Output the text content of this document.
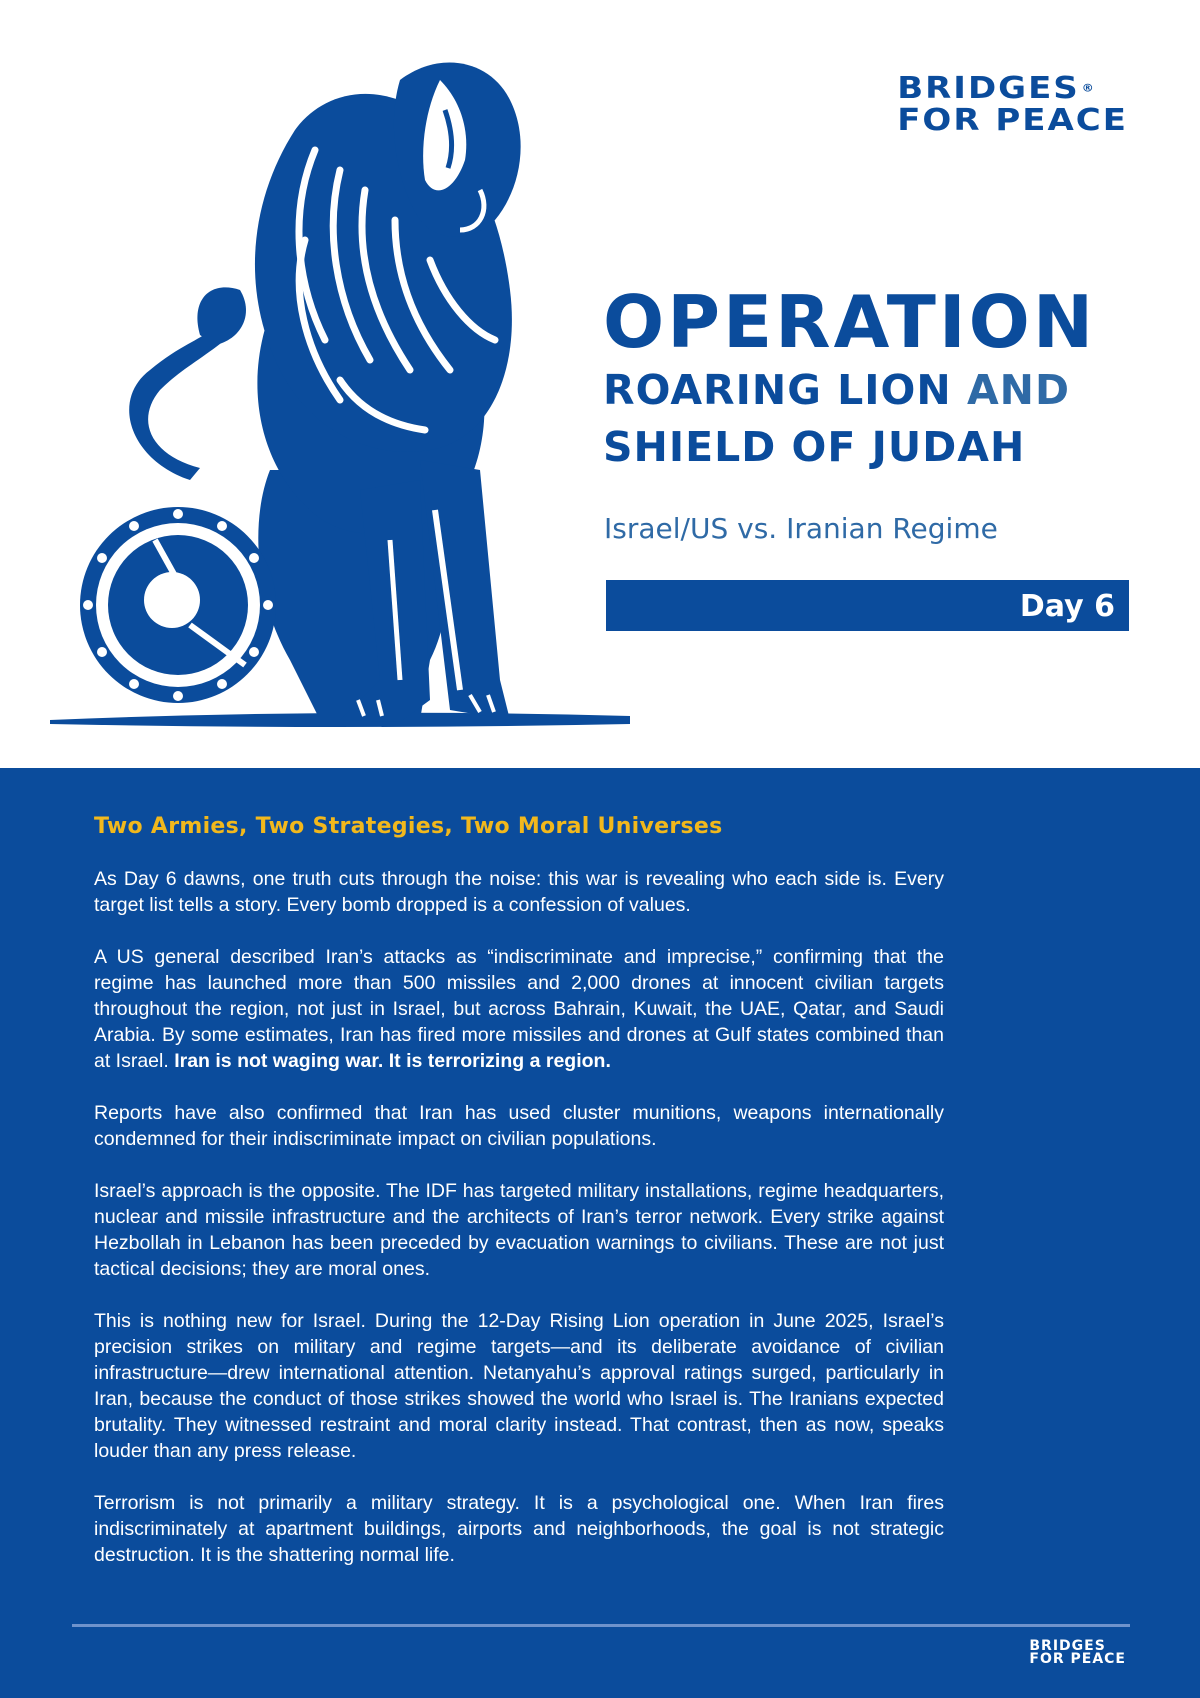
BRIDGES ®
FOR PEACE
OPERATION
ROARING LION AND
SHIELD OF JUDAH
Israel/US vs. Iranian Regime
Day 6
Two Armies, Two Strategies, Two Moral Universes

As Day 6 dawns, one truth cuts through the noise: this war is revealing who each side is. Every target list tells a story. Every bomb dropped is a confession of values.

A US general described Iran’s attacks as “indiscriminate and imprecise,” confirming that the regime has launched more than 500 missiles and 2,000 drones at innocent civilian targets throughout the region, not just in Israel, but across Bahrain, Kuwait, the UAE, Qatar, and Saudi Arabia. By some estimates, Iran has fired more missiles and drones at Gulf states combined than at Israel. Iran is not waging war. It is terrorizing a region.

Reports have also confirmed that Iran has used cluster munitions, weapons internationally condemned for their indiscriminate impact on civilian populations.

Israel’s approach is the opposite. The IDF has targeted military installations, regime headquarters, nuclear and missile infrastructure and the architects of Iran’s terror network. Every strike against Hezbollah in Lebanon has been preceded by evacuation warnings to civilians. These are not just tactical decisions; they are moral ones.

This is nothing new for Israel. During the 12-Day Rising Lion operation in June 2025, Israel’s precision strikes on military and regime targets—and its deliberate avoidance of civilian infrastructure—drew international attention. Netanyahu’s approval ratings surged, particularly in Iran, because the conduct of those strikes showed the world who Israel is. The Iranians expected brutality. They witnessed restraint and moral clarity instead. That contrast, then as now, speaks louder than any press release.

Terrorism is not primarily a military strategy. It is a psychological one. When Iran fires indiscriminately at apartment buildings, airports and neighborhoods, the goal is not strategic destruction. It is the shattering normal life.

BRIDGES
FOR PEACE
